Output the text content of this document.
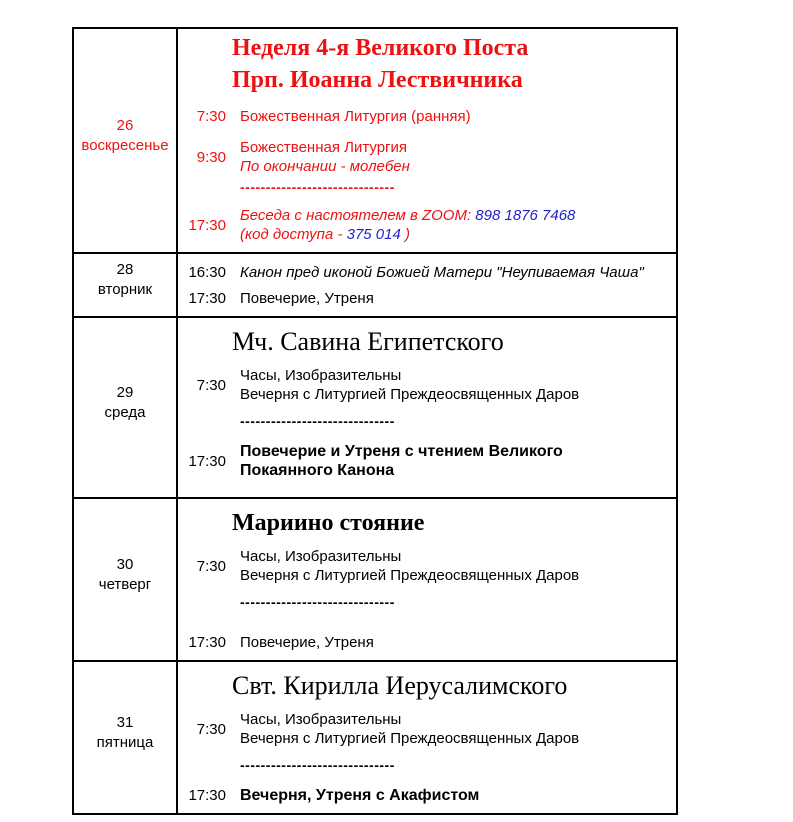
26
воскресенье
Неделя 4-я Великого Поста
Прп. Иоанна Лествичника
7:30 Божественная Литургия (ранняя)
9:30
Божественная Литургия
По окончании - молебен
------------------------------
17:30
Беседа с настоятелем в ZOOM: 898 1876 7468
(код доступа - 375 014 )
28
вторник
16:30 Канон пред иконой Божией Матери "Неупиваемая Чаша"
17:30 Повечерие, Утреня
29
среда
Мч. Савина Египетского
7:30
Часы, Изобразительны
Вечерня с Литургией Преждеосвященных Даров
------------------------------
17:30
Повечерие и Утреня с чтением Великого
Покаянного Канона
30
четверг
Мариино стояние
7:30
Часы, Изобразительны
Вечерня с Литургией Преждеосвященных Даров
------------------------------
17:30 Повечерие, Утреня
31
пятница
Свт. Кирилла Иерусалимского
7:30
Часы, Изобразительны
Вечерня с Литургией Преждеосвященных Даров
------------------------------
17:30 Вечерня, Утреня с Акафистом
